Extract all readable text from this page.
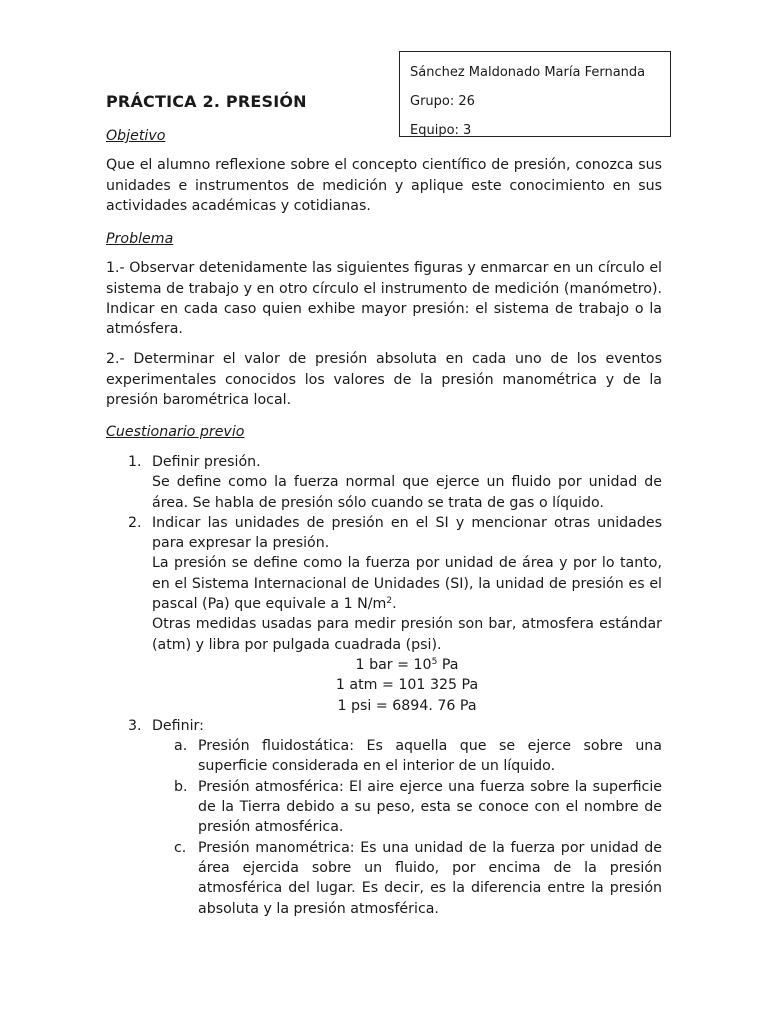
Sánchez Maldonado María Fernanda
Grupo: 26
Equipo: 3
PRÁCTICA 2. PRESIÓN
Objetivo

Que el alumno reflexione sobre el concepto científico de presión, conozca sus unidades e instrumentos de medición y aplique este conocimiento en sus actividades académicas y cotidianas.

Problema

1.- Observar detenidamente las siguientes figuras y enmarcar en un círculo el sistema de trabajo y en otro círculo el instrumento de medición (manómetro). Indicar en cada caso quien exhibe mayor presión: el sistema de trabajo o la atmósfera.

2.- Determinar el valor de presión absoluta en cada uno de los eventos experimentales conocidos los valores de la presión manométrica y de la presión barométrica local.

Cuestionario previo
1. Definir presión.
Se define como la fuerza normal que ejerce un fluido por unidad de área. Se habla de presión sólo cuando se trata de gas o líquido.
2. Indicar las unidades de presión en el SI y mencionar otras unidades para expresar la presión.
La presión se define como la fuerza por unidad de área y por lo tanto, en el Sistema Internacional de Unidades (SI), la unidad de presión es el pascal (Pa) que equivale a 1 $N/m^2$.
Otras medidas usadas para medir presión son bar, atmosfera estándar (atm) y libra por pulgada cuadrada (psi).
1 bar = $10^5$ Pa
1 atm = 101 325 Pa
1 psi = 6894. 76 Pa
3. Definir:
a. Presión fluidostática: Es aquella que se ejerce sobre una superficie considerada en el interior de un líquido.
b. Presión atmosférica: El aire ejerce una fuerza sobre la superficie de la Tierra debido a su peso, esta se conoce con el nombre de presión atmosférica.
c. Presión manométrica: Es una unidad de la fuerza por unidad de área ejercida sobre un fluido, por encima de la presión atmosférica del lugar. Es decir, es la diferencia entre la presión absoluta y la presión atmosférica.
